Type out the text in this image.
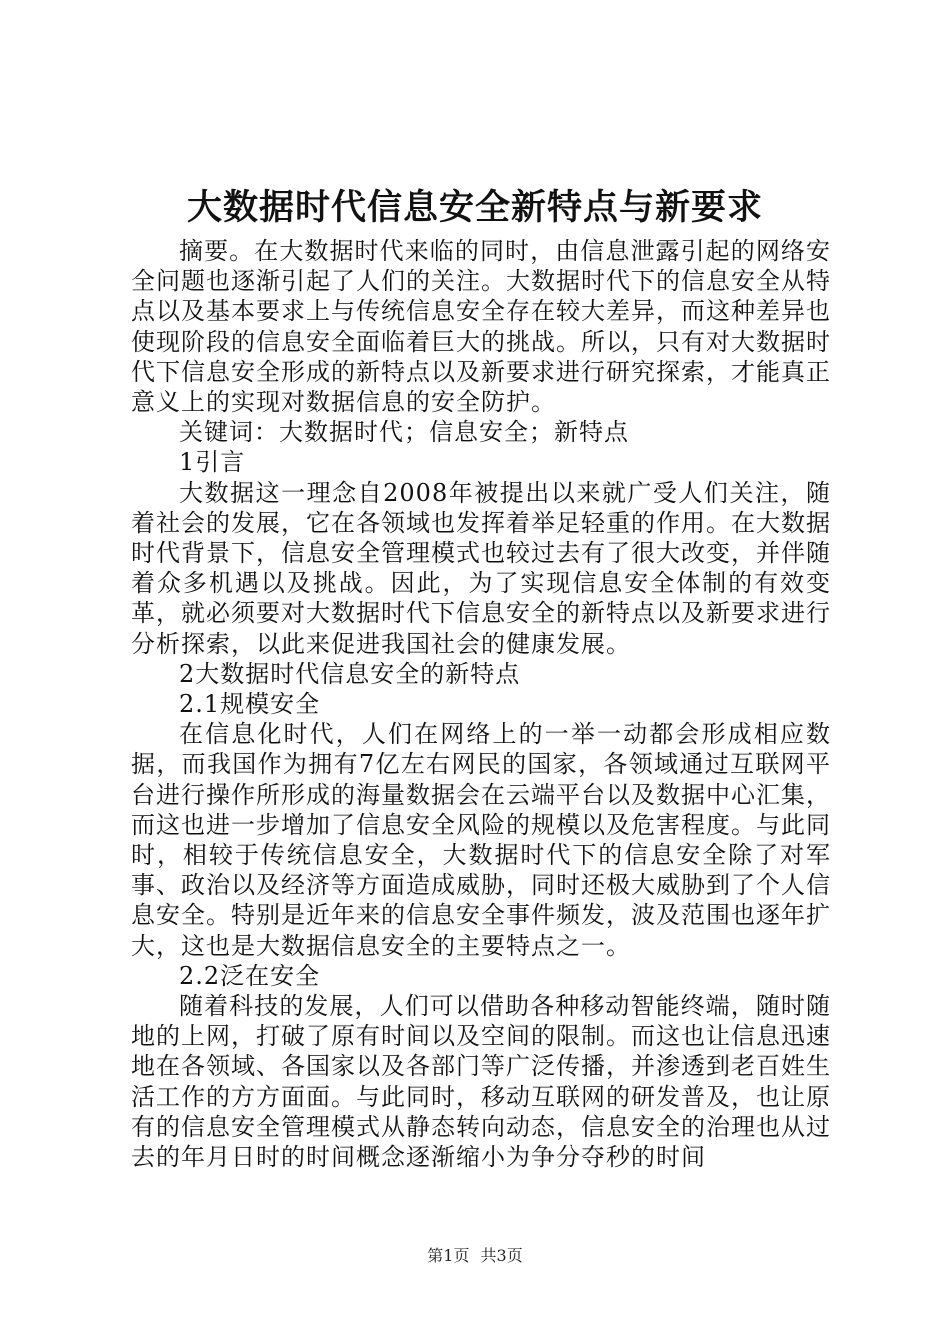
大数据时代信息安全新特点与新要求

摘要。在大数据时代来临的同时，由信息泄露引起的网络安全问题也逐渐引起了人们的关注。大数据时代下的信息安全从特点以及基本要求上与传统信息安全存在较大差异，而这种差异也使现阶段的信息安全面临着巨大的挑战。所以，只有对大数据时代下信息安全形成的新特点以及新要求进行研究探索，才能真正意义上的实现对数据信息的安全防护。

关键词：大数据时代；信息安全；新特点

1引言

大数据这一理念自2008年被提出以来就广受人们关注，随着社会的发展，它在各领域也发挥着举足轻重的作用。在大数据时代背景下，信息安全管理模式也较过去有了很大改变，并伴随着众多机遇以及挑战。因此，为了实现信息安全体制的有效变革，就必须要对大数据时代下信息安全的新特点以及新要求进行分析探索，以此来促进我国社会的健康发展。

2大数据时代信息安全的新特点

2.1规模安全

在信息化时代，人们在网络上的一举一动都会形成相应数据，而我国作为拥有7亿左右网民的国家，各领域通过互联网平台进行操作所形成的海量数据会在云端平台以及数据中心汇集，而这也进一步增加了信息安全风险的规模以及危害程度。与此同时，相较于传统信息安全，大数据时代下的信息安全除了对军事、政治以及经济等方面造成威胁，同时还极大威胁到了个人信息安全。特别是近年来的信息安全事件频发，波及范围也逐年扩大，这也是大数据信息安全的主要特点之一。

2.2泛在安全

随着科技的发展，人们可以借助各种移动智能终端，随时随地的上网，打破了原有时间以及空间的限制。而这也让信息迅速地在各领域、各国家以及各部门等广泛传播，并渗透到老百姓生活工作的方方面面。与此同时，移动互联网的研发普及，也让原有的信息安全管理模式从静态转向动态，信息安全的治理也从过去的年月日时的时间概念逐渐缩小为争分夺秒的时间

第1页 共3页
